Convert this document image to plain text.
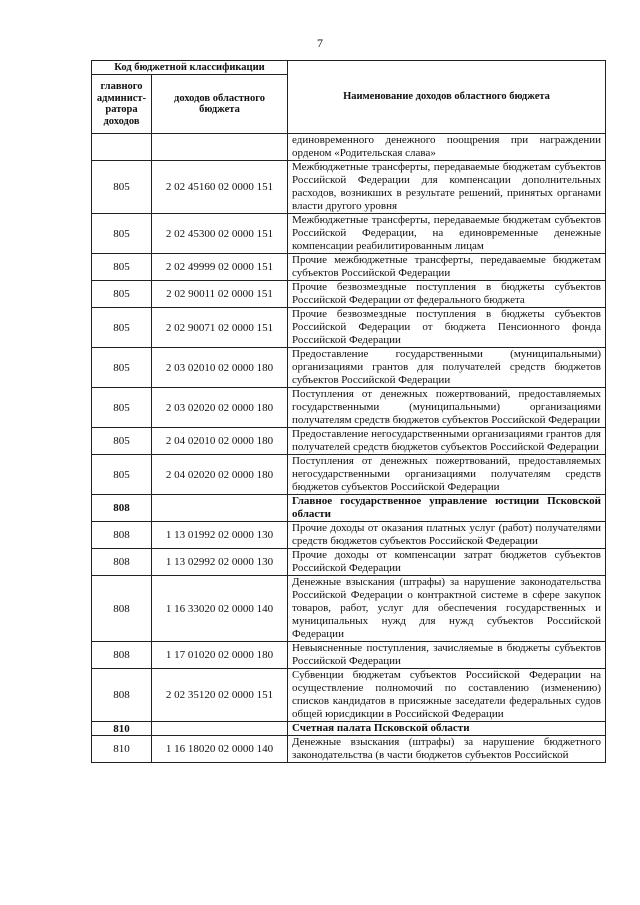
7
Код бюджетной классификации		Наименование доходов областного бюджета
главного админист-ратора доходов	доходов областного бюджета	
		единовременного денежного поощрения при награждении орденом «Родительская слава»
805	2 02 45160 02 0000 151	Межбюджетные трансферты, передаваемые бюджетам субъектов Российской Федерации для компенсации дополнительных расходов, возникших в результате решений, принятых органами власти другого уровня
805	2 02 45300 02 0000 151	Межбюджетные трансферты, передаваемые бюджетам субъектов Российской Федерации, на единовременные денежные компенсации реабилитированным лицам
805	2 02 49999 02 0000 151	Прочие межбюджетные трансферты, передаваемые бюджетам субъектов Российской Федерации
805	2 02 90011 02 0000 151	Прочие безвозмездные поступления в бюджеты субъектов Российской Федерации от федерального бюджета
805	2 02 90071 02 0000 151	Прочие безвозмездные поступления в бюджеты субъектов Российской Федерации от бюджета Пенсионного фонда Российской Федерации
805	2 03 02010 02 0000 180	Предоставление государственными (муниципальными) организациями грантов для получателей средств бюджетов субъектов Российской Федерации
805	2 03 02020 02 0000 180	Поступления от денежных пожертвований, предоставляемых государственными (муниципальными) организациями получателям средств бюджетов субъектов Российской Федерации
805	2 04 02010 02 0000 180	Предоставление негосударственными организациями грантов для получателей средств бюджетов субъектов Российской Федерации
805	2 04 02020 02 0000 180	Поступления от денежных пожертвований, предоставляемых негосударственными организациями получателям средств бюджетов субъектов Российской Федерации
808		Главное государственное управление юстиции Псковской области
808	1 13 01992 02 0000 130	Прочие доходы от оказания платных услуг (работ) получателями средств бюджетов субъектов Российской Федерации
808	1 13 02992 02 0000 130	Прочие доходы от компенсации затрат бюджетов субъектов Российской Федерации
808	1 16 33020 02 0000 140	Денежные взыскания (штрафы) за нарушение законодательства Российской Федерации о контрактной системе в сфере закупок товаров, работ, услуг для обеспечения государственных и муниципальных нужд для нужд субъектов Российской Федерации
808	1 17 01020 02 0000 180	Невыясненные поступления, зачисляемые в бюджеты субъектов Российской Федерации
808	2 02 35120 02 0000 151	Субвенции бюджетам субъектов Российской Федерации на осуществление полномочий по составлению (изменению) списков кандидатов в присяжные заседатели федеральных судов общей юрисдикции в Российской Федерации
810		Счетная палата Псковской области
810	1 16 18020 02 0000 140	Денежные взыскания (штрафы) за нарушение бюджетного законодательства (в части бюджетов субъектов Российской
